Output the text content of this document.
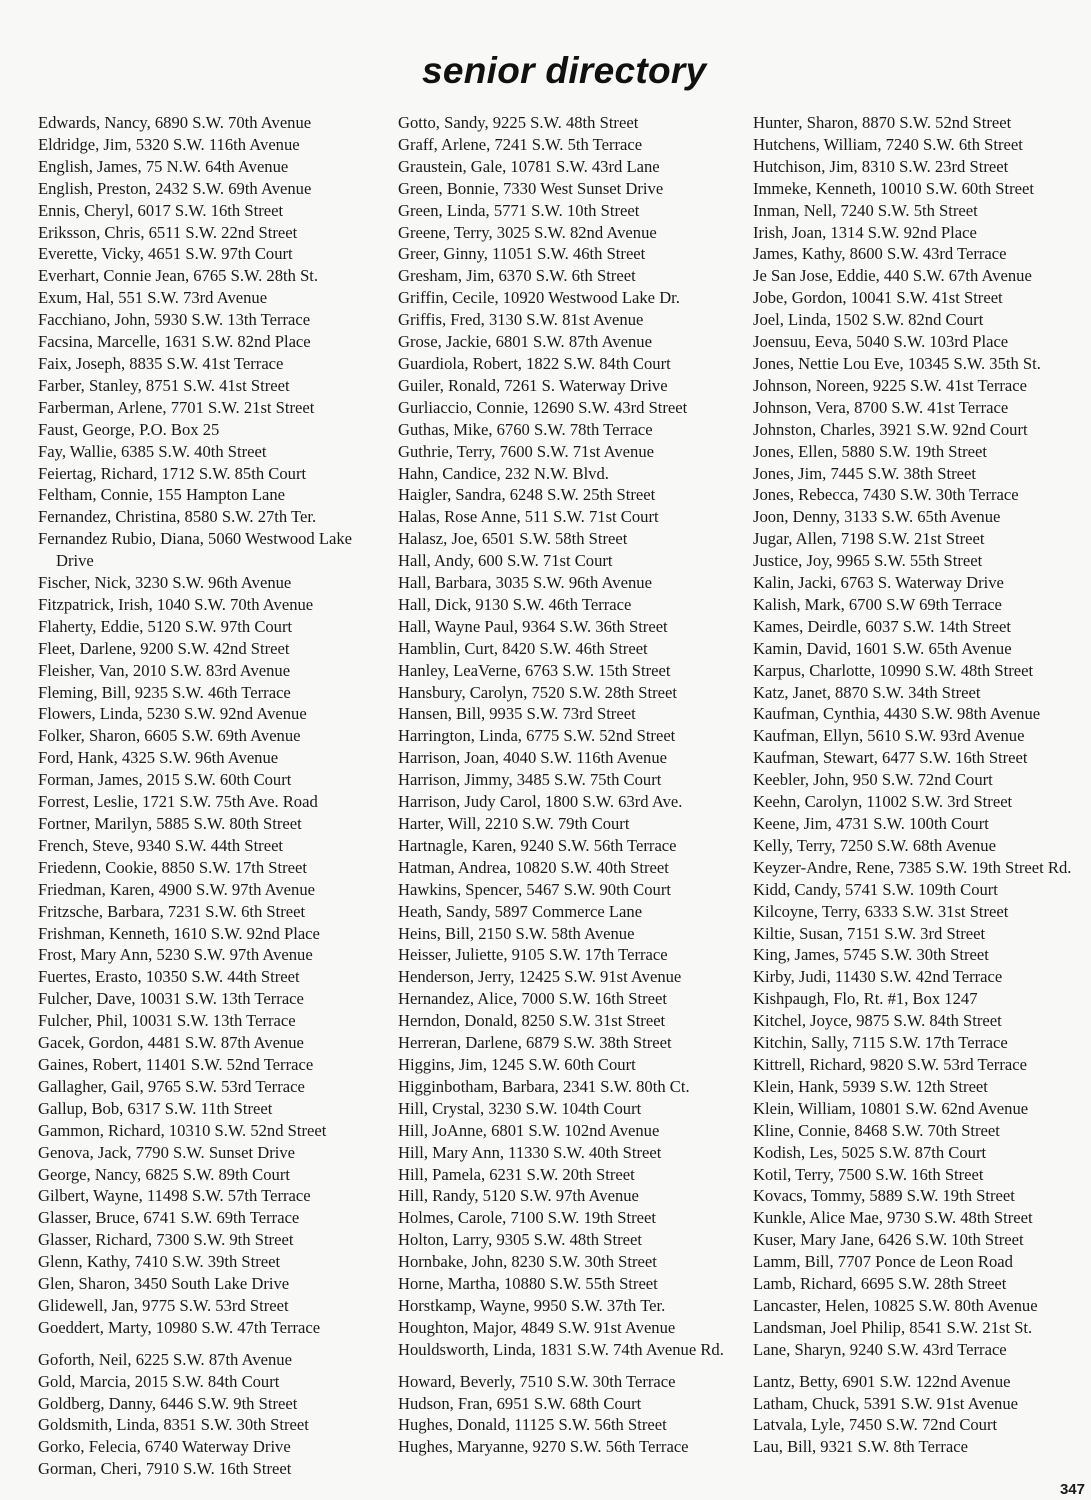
senior directory
Edwards, Nancy, 6890 S.W. 70th Avenue
Eldridge, Jim, 5320 S.W. 116th Avenue
English, James, 75 N.W. 64th Avenue
English, Preston, 2432 S.W. 69th Avenue
Ennis, Cheryl, 6017 S.W. 16th Street
Eriksson, Chris, 6511 S.W. 22nd Street
Everette, Vicky, 4651 S.W. 97th Court
Everhart, Connie Jean, 6765 S.W. 28th St.
Exum, Hal, 551 S.W. 73rd Avenue
Facchiano, John, 5930 S.W. 13th Terrace
Facsina, Marcelle, 1631 S.W. 82nd Place
Faix, Joseph, 8835 S.W. 41st Terrace
Farber, Stanley, 8751 S.W. 41st Street
Farberman, Arlene, 7701 S.W. 21st Street
Faust, George, P.O. Box 25
Fay, Wallie, 6385 S.W. 40th Street
Feiertag, Richard, 1712 S.W. 85th Court
Feltham, Connie, 155 Hampton Lane
Fernandez, Christina, 8580 S.W. 27th Ter.
Fernandez Rubio, Diana, 5060 Westwood Lake Drive
Fischer, Nick, 3230 S.W. 96th Avenue
Fitzpatrick, Irish, 1040 S.W. 70th Avenue
Flaherty, Eddie, 5120 S.W. 97th Court
Fleet, Darlene, 9200 S.W. 42nd Street
Fleisher, Van, 2010 S.W. 83rd Avenue
Fleming, Bill, 9235 S.W. 46th Terrace
Flowers, Linda, 5230 S.W. 92nd Avenue
Folker, Sharon, 6605 S.W. 69th Avenue
Ford, Hank, 4325 S.W. 96th Avenue
Forman, James, 2015 S.W. 60th Court
Forrest, Leslie, 1721 S.W. 75th Ave. Road
Fortner, Marilyn, 5885 S.W. 80th Street
French, Steve, 9340 S.W. 44th Street
Friedenn, Cookie, 8850 S.W. 17th Street
Friedman, Karen, 4900 S.W. 97th Avenue
Fritzsche, Barbara, 7231 S.W. 6th Street
Frishman, Kenneth, 1610 S.W. 92nd Place
Frost, Mary Ann, 5230 S.W. 97th Avenue
Fuertes, Erasto, 10350 S.W. 44th Street
Fulcher, Dave, 10031 S.W. 13th Terrace
Fulcher, Phil, 10031 S.W. 13th Terrace
Gacek, Gordon, 4481 S.W. 87th Avenue
Gaines, Robert, 11401 S.W. 52nd Terrace
Gallagher, Gail, 9765 S.W. 53rd Terrace
Gallup, Bob, 6317 S.W. 11th Street
Gammon, Richard, 10310 S.W. 52nd Street
Genova, Jack, 7790 S.W. Sunset Drive
George, Nancy, 6825 S.W. 89th Court
Gilbert, Wayne, 11498 S.W. 57th Terrace
Glasser, Bruce, 6741 S.W. 69th Terrace
Glasser, Richard, 7300 S.W. 9th Street
Glenn, Kathy, 7410 S.W. 39th Street
Glen, Sharon, 3450 South Lake Drive
Glidewell, Jan, 9775 S.W. 53rd Street
Goeddert, Marty, 10980 S.W. 47th Terrace
Goforth, Neil, 6225 S.W. 87th Avenue
Gold, Marcia, 2015 S.W. 84th Court
Goldberg, Danny, 6446 S.W. 9th Street
Goldsmith, Linda, 8351 S.W. 30th Street
Gorko, Felecia, 6740 Waterway Drive
Gorman, Cheri, 7910 S.W. 16th Street
Gotto, Sandy, 9225 S.W. 48th Street
Graff, Arlene, 7241 S.W. 5th Terrace
Graustein, Gale, 10781 S.W. 43rd Lane
Green, Bonnie, 7330 West Sunset Drive
Green, Linda, 5771 S.W. 10th Street
Greene, Terry, 3025 S.W. 82nd Avenue
Greer, Ginny, 11051 S.W. 46th Street
Gresham, Jim, 6370 S.W. 6th Street
Griffin, Cecile, 10920 Westwood Lake Dr.
Griffis, Fred, 3130 S.W. 81st Avenue
Grose, Jackie, 6801 S.W. 87th Avenue
Guardiola, Robert, 1822 S.W. 84th Court
Guiler, Ronald, 7261 S. Waterway Drive
Gurliaccio, Connie, 12690 S.W. 43rd Street
Guthas, Mike, 6760 S.W. 78th Terrace
Guthrie, Terry, 7600 S.W. 71st Avenue
Hahn, Candice, 232 N.W. Blvd.
Haigler, Sandra, 6248 S.W. 25th Street
Halas, Rose Anne, 511 S.W. 71st Court
Halasz, Joe, 6501 S.W. 58th Street
Hall, Andy, 600 S.W. 71st Court
Hall, Barbara, 3035 S.W. 96th Avenue
Hall, Dick, 9130 S.W. 46th Terrace
Hall, Wayne Paul, 9364 S.W. 36th Street
Hamblin, Curt, 8420 S.W. 46th Street
Hanley, LeaVerne, 6763 S.W. 15th Street
Hansbury, Carolyn, 7520 S.W. 28th Street
Hansen, Bill, 9935 S.W. 73rd Street
Harrington, Linda, 6775 S.W. 52nd Street
Harrison, Joan, 4040 S.W. 116th Avenue
Harrison, Jimmy, 3485 S.W. 75th Court
Harrison, Judy Carol, 1800 S.W. 63rd Ave.
Harter, Will, 2210 S.W. 79th Court
Hartnagle, Karen, 9240 S.W. 56th Terrace
Hatman, Andrea, 10820 S.W. 40th Street
Hawkins, Spencer, 5467 S.W. 90th Court
Heath, Sandy, 5897 Commerce Lane
Heins, Bill, 2150 S.W. 58th Avenue
Heisser, Juliette, 9105 S.W. 17th Terrace
Henderson, Jerry, 12425 S.W. 91st Avenue
Hernandez, Alice, 7000 S.W. 16th Street
Herndon, Donald, 8250 S.W. 31st Street
Herreran, Darlene, 6879 S.W. 38th Street
Higgins, Jim, 1245 S.W. 60th Court
Higginbotham, Barbara, 2341 S.W. 80th Ct.
Hill, Crystal, 3230 S.W. 104th Court
Hill, JoAnne, 6801 S.W. 102nd Avenue
Hill, Mary Ann, 11330 S.W. 40th Street
Hill, Pamela, 6231 S.W. 20th Street
Hill, Randy, 5120 S.W. 97th Avenue
Holmes, Carole, 7100 S.W. 19th Street
Holton, Larry, 9305 S.W. 48th Street
Hornbake, John, 8230 S.W. 30th Street
Horne, Martha, 10880 S.W. 55th Street
Horstkamp, Wayne, 9950 S.W. 37th Ter.
Houghton, Major, 4849 S.W. 91st Avenue
Houldsworth, Linda, 1831 S.W. 74th Avenue Rd.
Howard, Beverly, 7510 S.W. 30th Terrace
Hudson, Fran, 6951 S.W. 68th Court
Hughes, Donald, 11125 S.W. 56th Street
Hughes, Maryanne, 9270 S.W. 56th Terrace
Hunter, Sharon, 8870 S.W. 52nd Street
Hutchens, William, 7240 S.W. 6th Street
Hutchison, Jim, 8310 S.W. 23rd Street
Immeke, Kenneth, 10010 S.W. 60th Street
Inman, Nell, 7240 S.W. 5th Street
Irish, Joan, 1314 S.W. 92nd Place
James, Kathy, 8600 S.W. 43rd Terrace
Je San Jose, Eddie, 440 S.W. 67th Avenue
Jobe, Gordon, 10041 S.W. 41st Street
Joel, Linda, 1502 S.W. 82nd Court
Joensuu, Eeva, 5040 S.W. 103rd Place
Jones, Nettie Lou Eve, 10345 S.W. 35th St.
Johnson, Noreen, 9225 S.W. 41st Terrace
Johnson, Vera, 8700 S.W. 41st Terrace
Johnston, Charles, 3921 S.W. 92nd Court
Jones, Ellen, 5880 S.W. 19th Street
Jones, Jim, 7445 S.W. 38th Street
Jones, Rebecca, 7430 S.W. 30th Terrace
Joon, Denny, 3133 S.W. 65th Avenue
Jugar, Allen, 7198 S.W. 21st Street
Justice, Joy, 9965 S.W. 55th Street
Kalin, Jacki, 6763 S. Waterway Drive
Kalish, Mark, 6700 S.W 69th Terrace
Kames, Deirdle, 6037 S.W. 14th Street
Kamin, David, 1601 S.W. 65th Avenue
Karpus, Charlotte, 10990 S.W. 48th Street
Katz, Janet, 8870 S.W. 34th Street
Kaufman, Cynthia, 4430 S.W. 98th Avenue
Kaufman, Ellyn, 5610 S.W. 93rd Avenue
Kaufman, Stewart, 6477 S.W. 16th Street
Keebler, John, 950 S.W. 72nd Court
Keehn, Carolyn, 11002 S.W. 3rd Street
Keene, Jim, 4731 S.W. 100th Court
Kelly, Terry, 7250 S.W. 68th Avenue
Keyzer-Andre, Rene, 7385 S.W. 19th Street Rd.
Kidd, Candy, 5741 S.W. 109th Court
Kilcoyne, Terry, 6333 S.W. 31st Street
Kiltie, Susan, 7151 S.W. 3rd Street
King, James, 5745 S.W. 30th Street
Kirby, Judi, 11430 S.W. 42nd Terrace
Kishpaugh, Flo, Rt. #1, Box 1247
Kitchel, Joyce, 9875 S.W. 84th Street
Kitchin, Sally, 7115 S.W. 17th Terrace
Kittrell, Richard, 9820 S.W. 53rd Terrace
Klein, Hank, 5939 S.W. 12th Street
Klein, William, 10801 S.W. 62nd Avenue
Kline, Connie, 8468 S.W. 70th Street
Kodish, Les, 5025 S.W. 87th Court
Kotil, Terry, 7500 S.W. 16th Street
Kovacs, Tommy, 5889 S.W. 19th Street
Kunkle, Alice Mae, 9730 S.W. 48th Street
Kuser, Mary Jane, 6426 S.W. 10th Street
Lamm, Bill, 7707 Ponce de Leon Road
Lamb, Richard, 6695 S.W. 28th Street
Lancaster, Helen, 10825 S.W. 80th Avenue
Landsman, Joel Philip, 8541 S.W. 21st St.
Lane, Sharyn, 9240 S.W. 43rd Terrace
Lantz, Betty, 6901 S.W. 122nd Avenue
Latham, Chuck, 5391 S.W. 91st Avenue
Latvala, Lyle, 7450 S.W. 72nd Court
Lau, Bill, 9321 S.W. 8th Terrace
347
